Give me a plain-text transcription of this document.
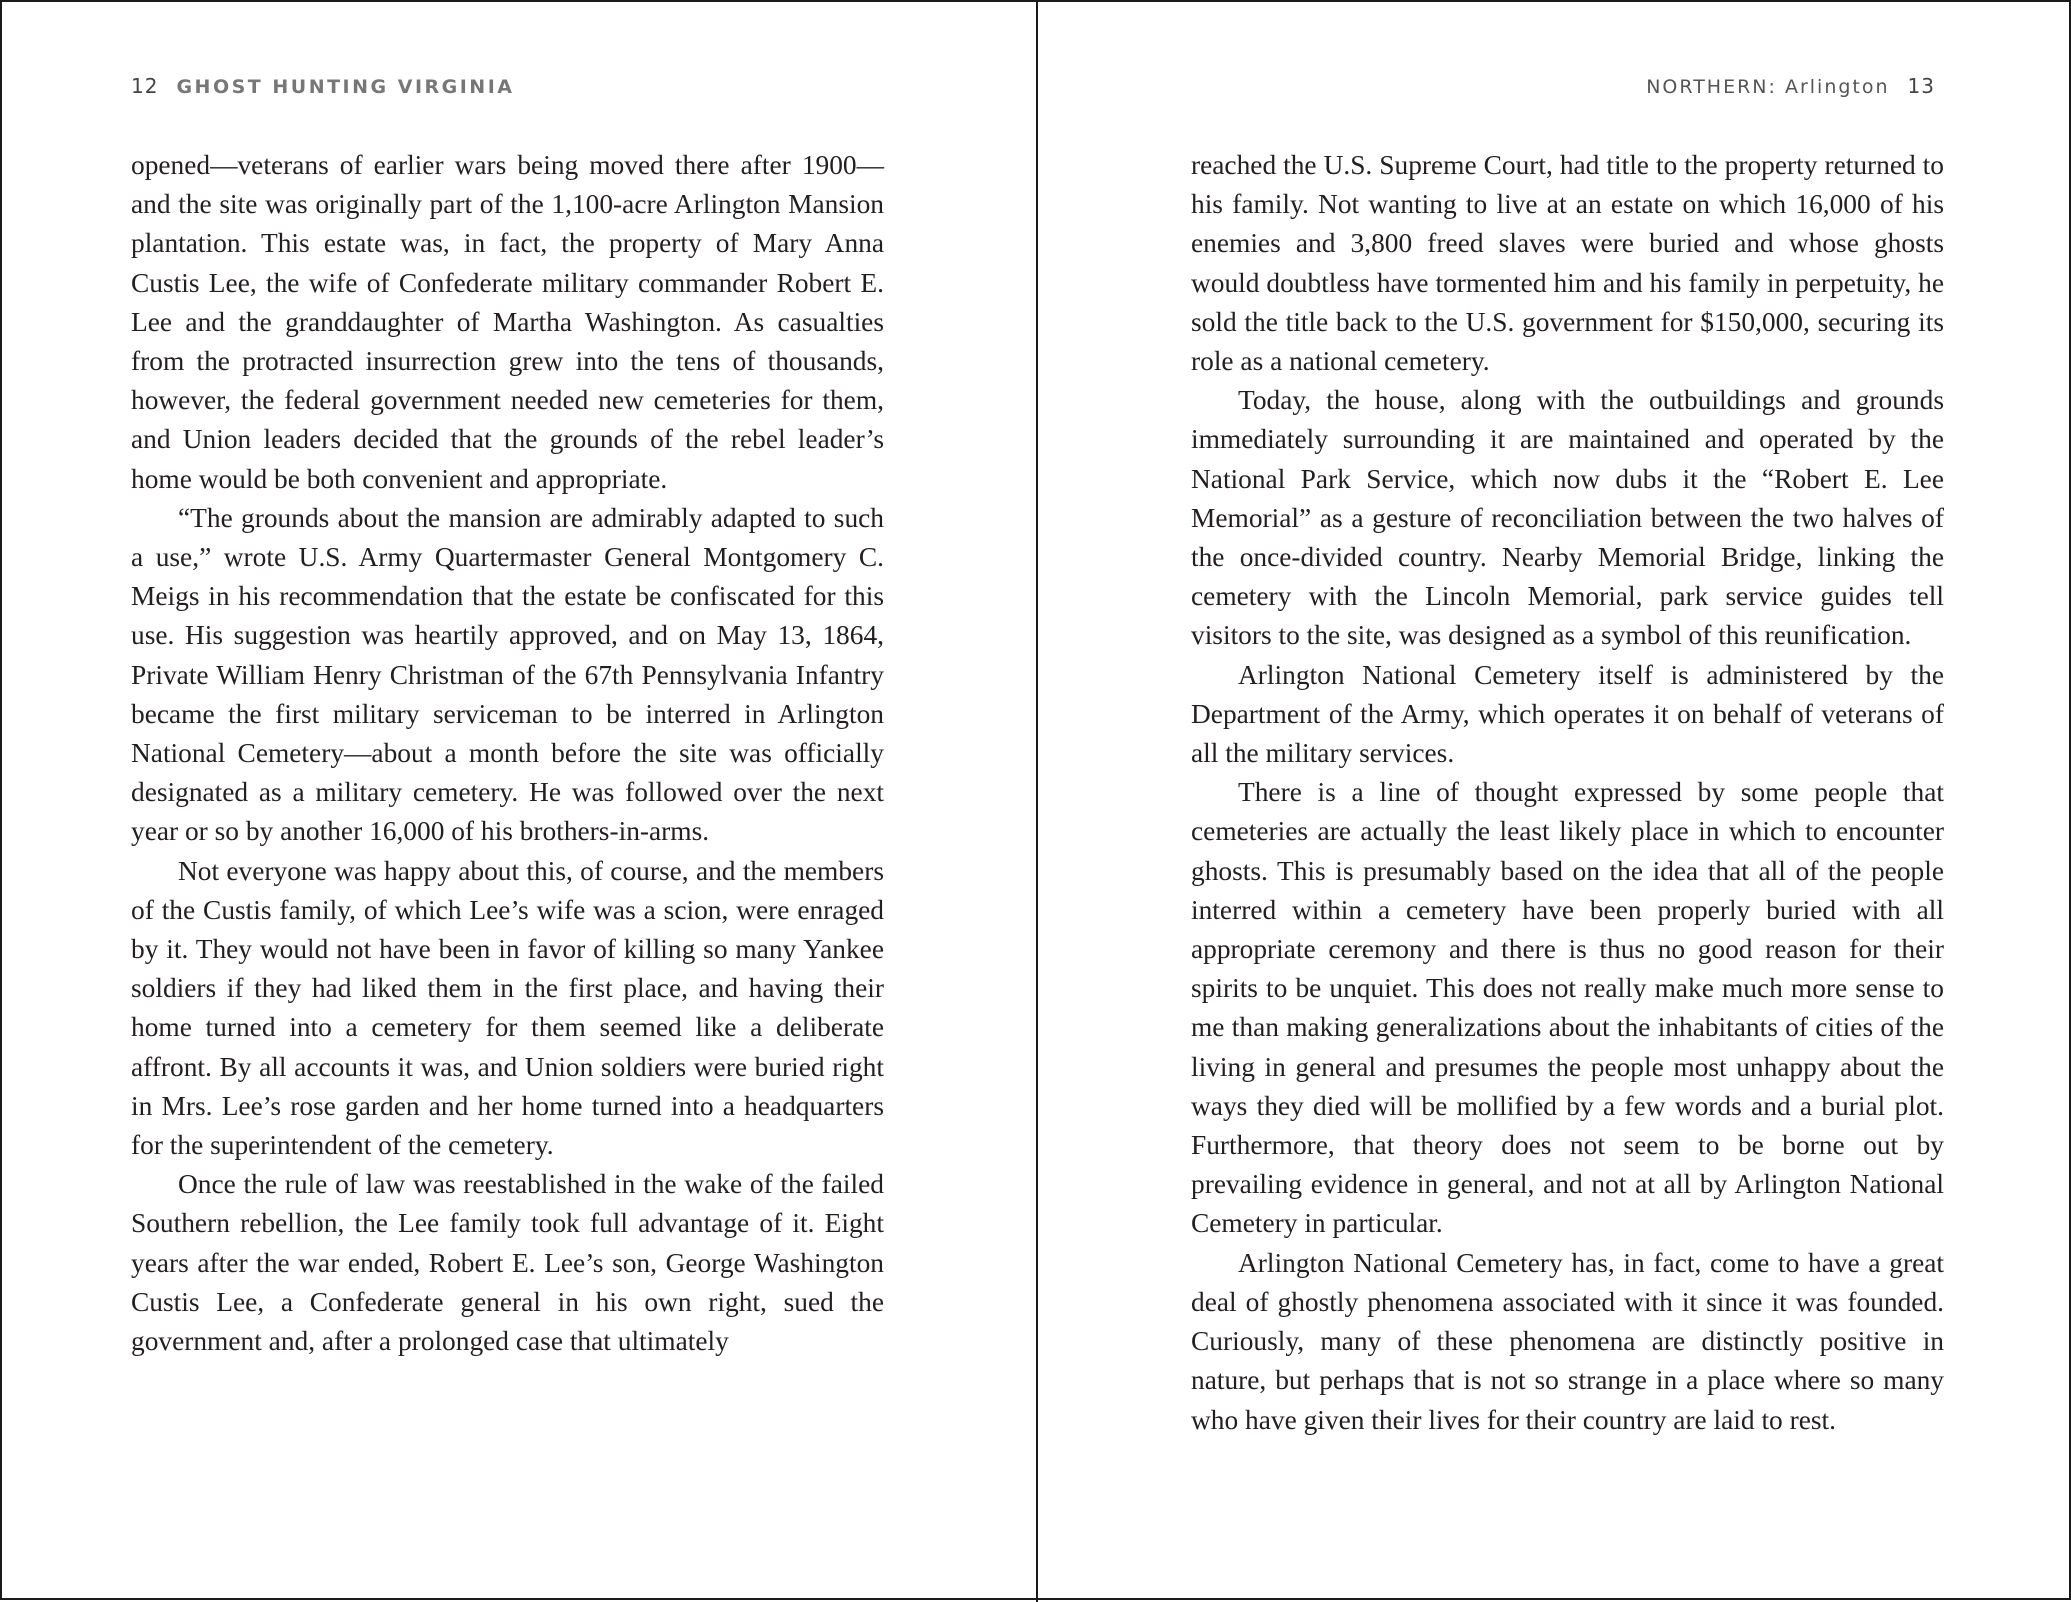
12 GHOST HUNTING VIRGINIA

opened—veterans of earlier wars being moved there after 1900—and the site was originally part of the 1,100-acre Arlington Mansion plantation. This estate was, in fact, the property of Mary Anna Custis Lee, the wife of Confederate military commander Robert E. Lee and the granddaughter of Martha Washington. As casualties from the protracted insurrection grew into the tens of thousands, however, the federal government needed new cemeteries for them, and Union leaders decided that the grounds of the rebel leader’s home would be both convenient and appropriate.

“The grounds about the mansion are admirably adapted to such a use,” wrote U.S. Army Quartermaster General Montgomery C. Meigs in his recommendation that the estate be confiscated for this use. His suggestion was heartily approved, and on May 13, 1864, Private William Henry Christman of the 67th Pennsylvania Infantry became the first military serviceman to be interred in Arlington National Cemetery—about a month before the site was officially designated as a military cemetery. He was followed over the next year or so by another 16,000 of his brothers-in-arms.

Not everyone was happy about this, of course, and the members of the Custis family, of which Lee’s wife was a scion, were enraged by it. They would not have been in favor of killing so many Yankee soldiers if they had liked them in the first place, and having their home turned into a cemetery for them seemed like a deliberate affront. By all accounts it was, and Union soldiers were buried right in Mrs. Lee’s rose garden and her home turned into a headquarters for the superintendent of the cemetery.

Once the rule of law was reestablished in the wake of the failed Southern rebellion, the Lee family took full advantage of it. Eight years after the war ended, Robert E. Lee’s son, George Washington Custis Lee, a Confederate general in his own right, sued the government and, after a prolonged case that ultimately

NORTHERN: Arlington 13

reached the U.S. Supreme Court, had title to the property returned to his family. Not wanting to live at an estate on which 16,000 of his enemies and 3,800 freed slaves were buried and whose ghosts would doubtless have tormented him and his family in perpetuity, he sold the title back to the U.S. government for $150,000, securing its role as a national cemetery.

Today, the house, along with the outbuildings and grounds immediately surrounding it are maintained and operated by the National Park Service, which now dubs it the “Robert E. Lee Memorial” as a gesture of reconciliation between the two halves of the once-divided country. Nearby Memorial Bridge, linking the cemetery with the Lincoln Memorial, park service guides tell visitors to the site, was designed as a symbol of this reunification.

Arlington National Cemetery itself is administered by the Department of the Army, which operates it on behalf of veterans of all the military services.

There is a line of thought expressed by some people that cemeteries are actually the least likely place in which to encounter ghosts. This is presumably based on the idea that all of the people interred within a cemetery have been properly buried with all appropriate ceremony and there is thus no good reason for their spirits to be unquiet. This does not really make much more sense to me than making generalizations about the inhabitants of cities of the living in general and presumes the people most unhappy about the ways they died will be mollified by a few words and a burial plot. Furthermore, that theory does not seem to be borne out by prevailing evidence in general, and not at all by Arlington National Cemetery in particular.

Arlington National Cemetery has, in fact, come to have a great deal of ghostly phenomena associated with it since it was founded. Curiously, many of these phenomena are distinctly positive in nature, but perhaps that is not so strange in a place where so many who have given their lives for their country are laid to rest.
